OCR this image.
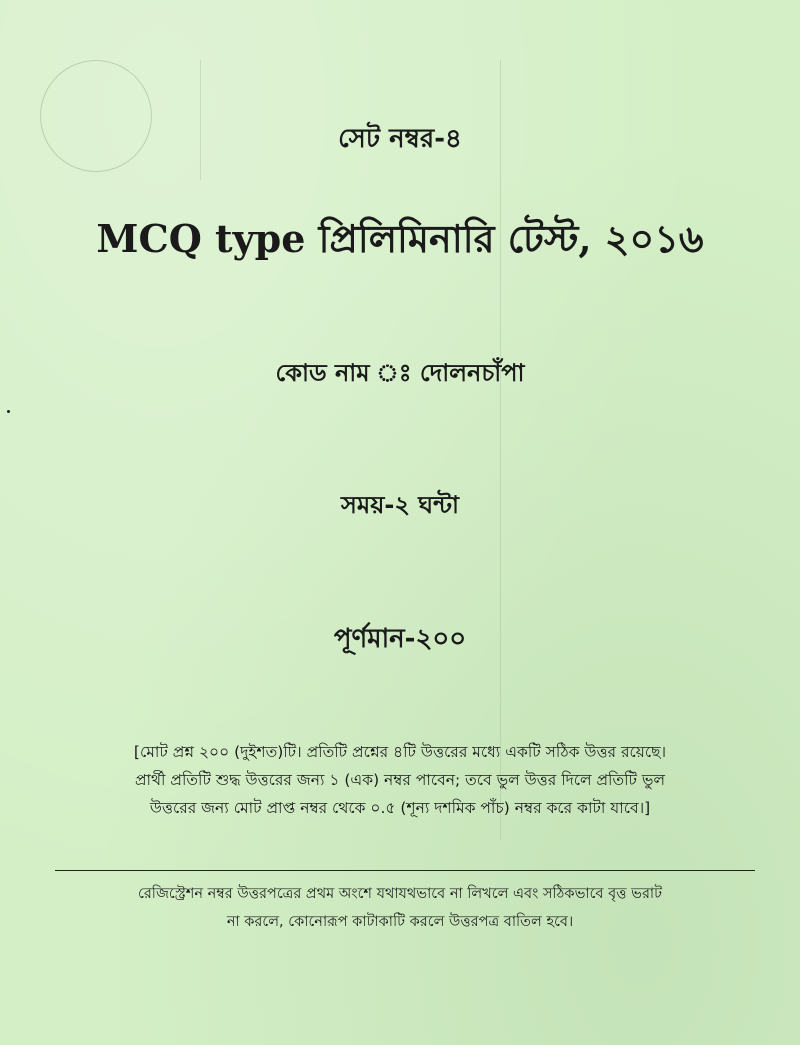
সেট নম্বর-৪
MCQ type প্রিলিমিনারি টেস্ট, ২০১৬
কোড নাম ঃ দোলনচাঁপা
সময়-২ ঘন্টা
পূর্ণমান-২০০
[মোট প্রশ্ন ২০০ (দুইশত)টি। প্রতিটি প্রশ্নের ৪টি উত্তরের মধ্যে একটি সঠিক উত্তর রয়েছে।
প্রার্থী প্রতিটি শুদ্ধ উত্তরের জন্য ১ (এক) নম্বর পাবেন; তবে ভুল উত্তর দিলে প্রতিটি ভুল
উত্তরের জন্য মোট প্রাপ্ত নম্বর থেকে ০.৫ (শূন্য দশমিক পাঁচ) নম্বর করে কাটা যাবে।]
রেজিস্ট্রেশন নম্বর উত্তরপত্রের প্রথম অংশে যথাযথভাবে না লিখলে এবং সঠিকভাবে বৃত্ত ভরাট
না করলে, কোনোরূপ কাটাকাটি করলে উত্তরপত্র বাতিল হবে।
